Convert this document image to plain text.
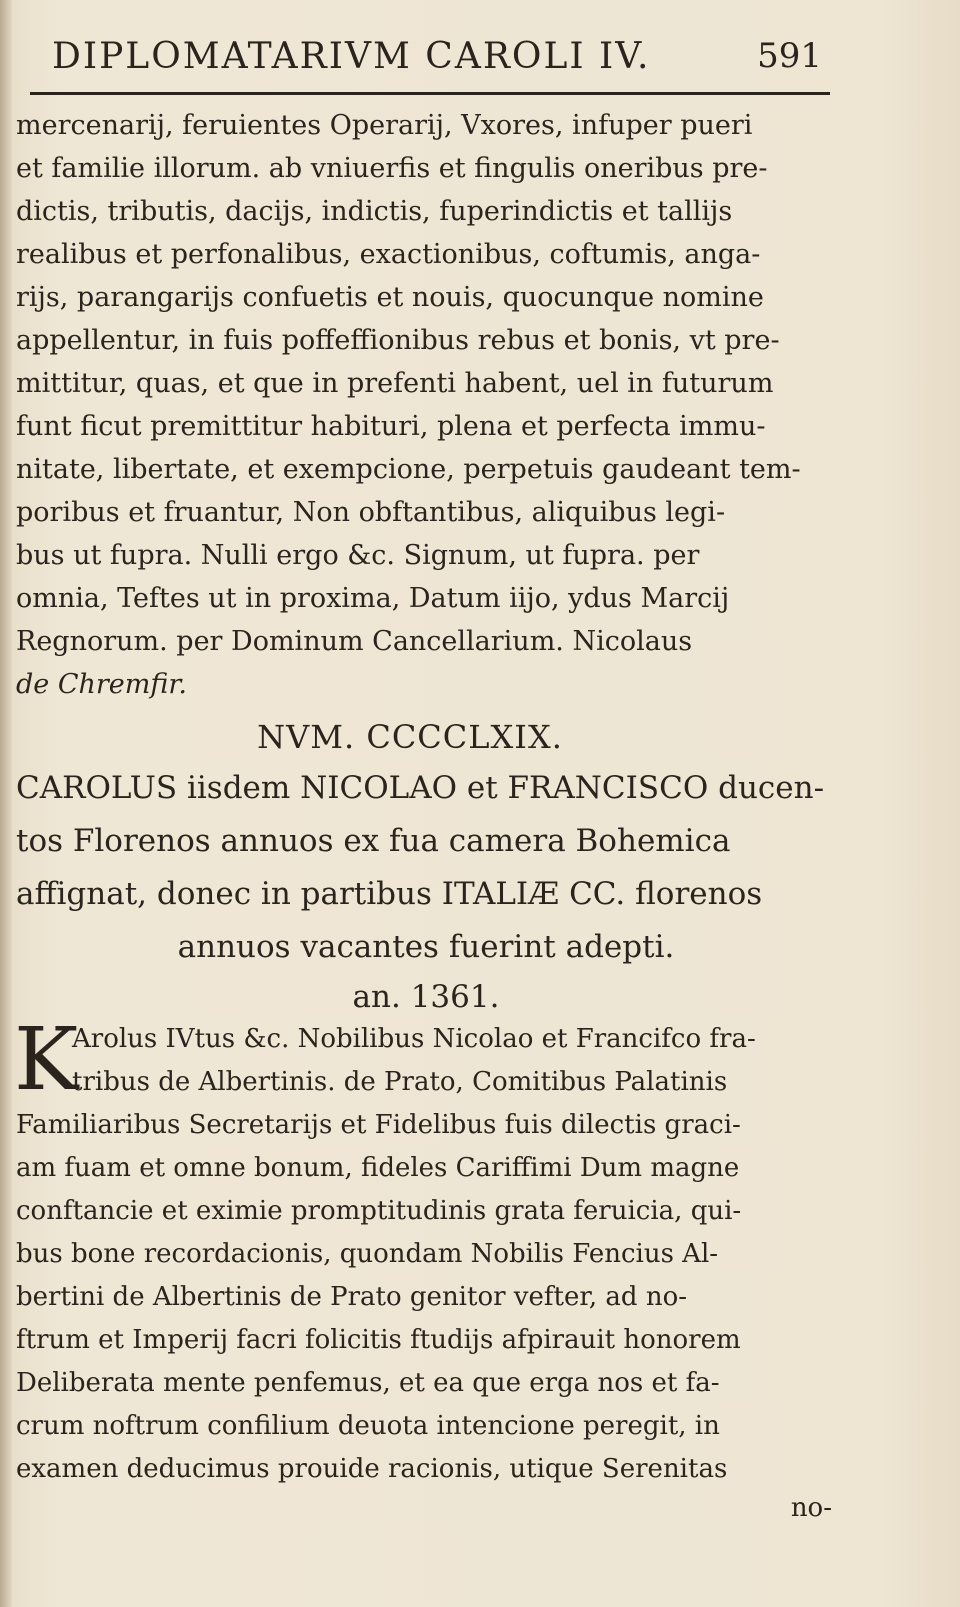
DIPLOMATARIVM CAROLI IV.	591
mercenarij, feruientes Operarij, Vxores, infuper pueri
et familie illorum. ab vniuerfis et fingulis oneribus pre-
dictis, tributis, dacijs, indictis, fuperindictis et tallijs
realibus et perfonalibus, exactionibus, coftumis, anga-
rijs, parangarijs confuetis et nouis, quocunque nomine
appellentur, in fuis poffeffionibus rebus et bonis, vt pre-
mittitur, quas, et que in prefenti habent, uel in futurum
funt ficut premittitur habituri, plena et perfecta immu-
nitate, libertate, et exempcione, perpetuis gaudeant tem-
poribus et fruantur, Non obftantibus, aliquibus legi-
bus ut fupra. Nulli ergo &c. Signum, ut fupra. per
omnia, Teftes ut in proxima, Datum iijo, ydus Marcij
Regnorum. per Dominum Cancellarium. Nicolaus
de Chremfir.
NVM. CCCCLXIX.
CAROLUS iisdem NICOLAO et FRANCISCO ducen-
tos Florenos annuos ex fua camera Bohemica
affignat, donec in partibus ITALIÆ CC. florenos
annuos vacantes fuerint adepti.
an. 1361.
K
Arolus IVtus &c. Nobilibus Nicolao et Francifco fra-
tribus de Albertinis. de Prato, Comitibus Palatinis
Familiaribus Secretarijs et Fidelibus fuis dilectis graci-
am fuam et omne bonum, fideles Cariffimi Dum magne
conftancie et eximie promptitudinis grata feruicia, qui-
bus bone recordacionis, quondam Nobilis Fencius Al-
bertini de Albertinis de Prato genitor vefter, ad no-
ftrum et Imperij facri folicitis ftudijs afpirauit honorem
Deliberata mente penfemus, et ea que erga nos et fa-
crum noftrum confilium deuota intencione peregit, in
examen deducimus prouide racionis, utique Serenitas
no-
